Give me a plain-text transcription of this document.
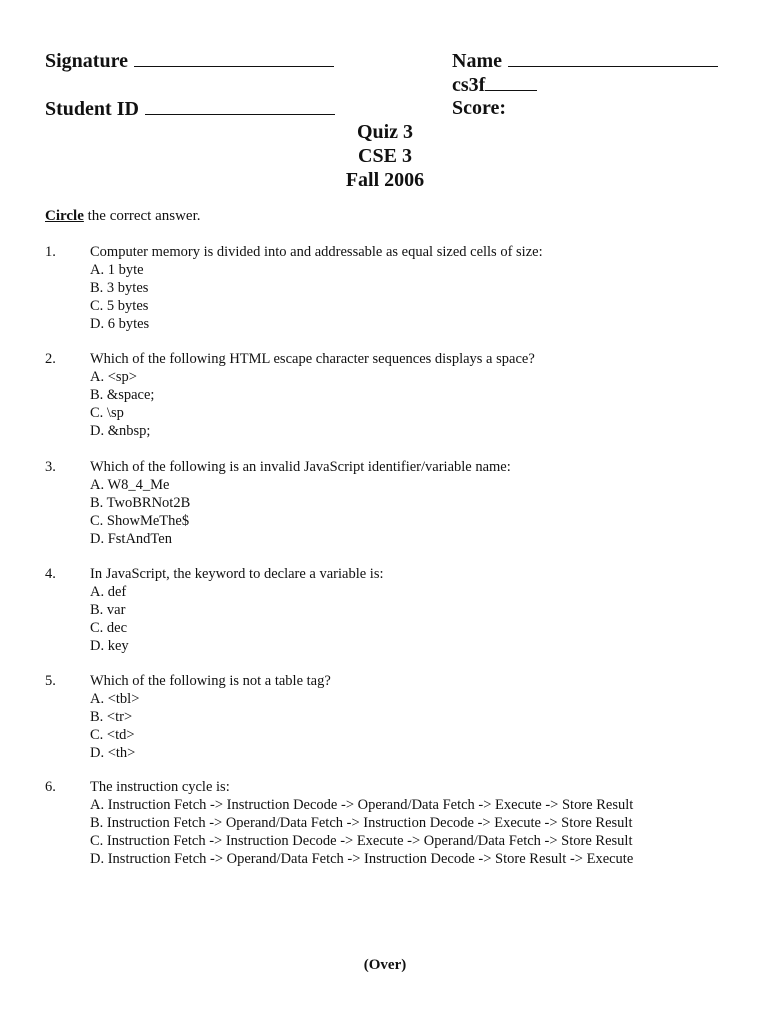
Signature
Student ID
Name
cs3f
Score:
Quiz 3
CSE 3
Fall 2006
Circle the correct answer.
1. Computer memory is divided into and addressable as equal sized cells of size:
A. 1 byte
B. 3 bytes
C. 5 bytes
D. 6 bytes
2. Which of the following HTML escape character sequences displays a space?
A. <sp>
B. &space;
C. \sp
D. &nbsp;
3. Which of the following is an invalid JavaScript identifier/variable name:
A. W8_4_Me
B. TwoBRNot2B
C. ShowMeThe$
D. FstAndTen
4. In JavaScript, the keyword to declare a variable is:
A. def
B. var
C. dec
D. key
5. Which of the following is not a table tag?
A. <tbl>
B. <tr>
C. <td>
D. <th>
6. The instruction cycle is:
A. Instruction Fetch -> Instruction Decode -> Operand/Data Fetch -> Execute -> Store Result
B. Instruction Fetch -> Operand/Data Fetch -> Instruction Decode -> Execute -> Store Result
C. Instruction Fetch -> Instruction Decode -> Execute -> Operand/Data Fetch -> Store Result
D. Instruction Fetch -> Operand/Data Fetch -> Instruction Decode -> Store Result -> Execute
(Over)
